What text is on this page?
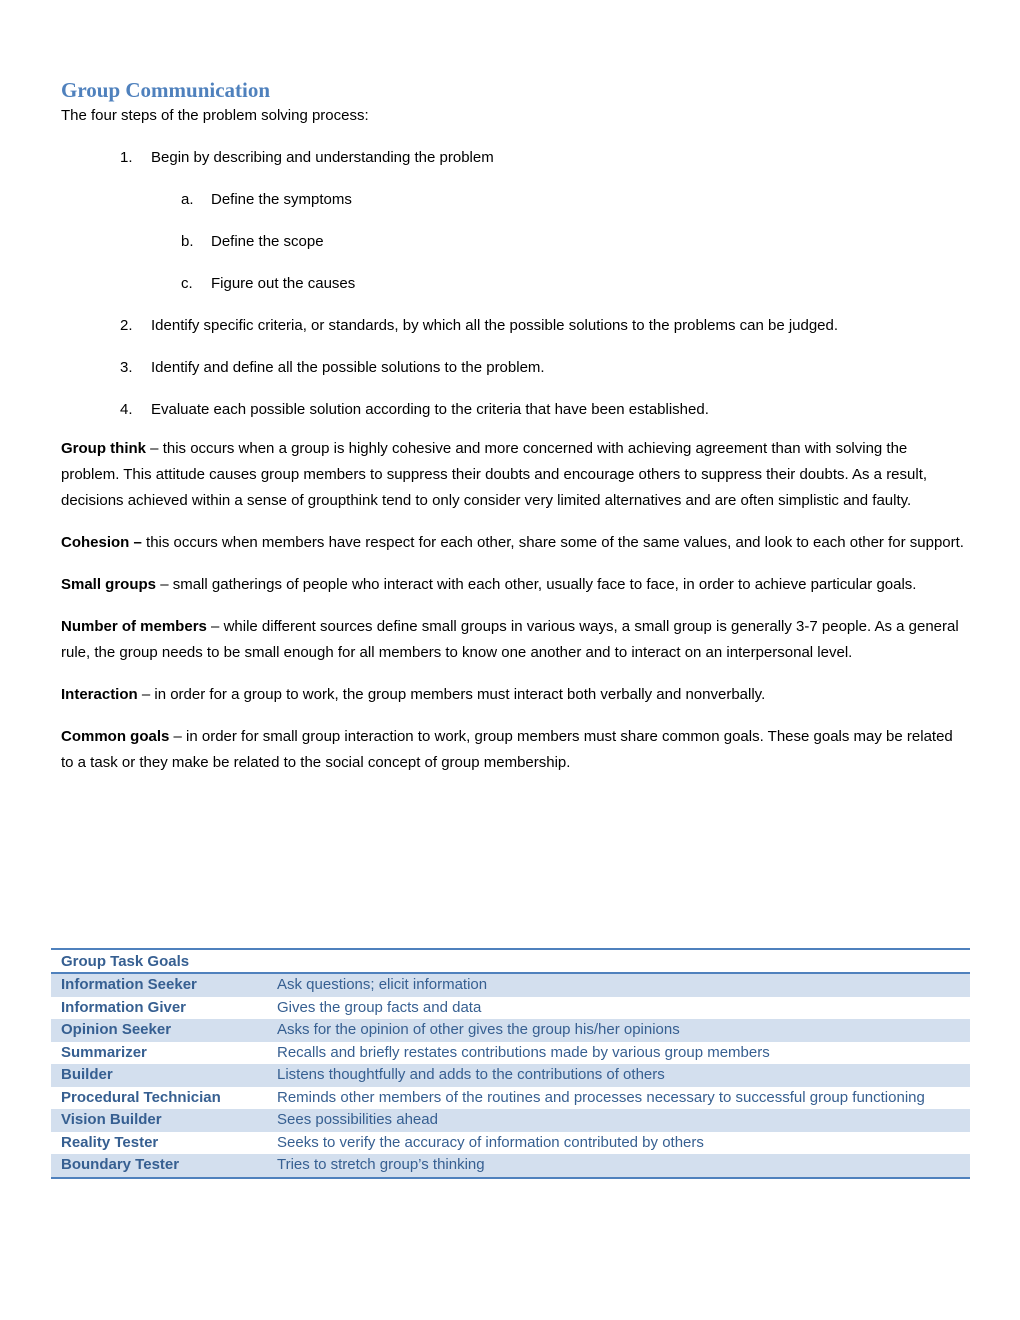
Group Communication

The four steps of the problem solving process:

1. Begin by describing and understanding the problem
a. Define the symptoms
b. Define the scope
c. Figure out the causes
2. Identify specific criteria, or standards, by which all the possible solutions to the problems can be judged.
3. Identify and define all the possible solutions to the problem.
4. Evaluate each possible solution according to the criteria that have been established.

Group think – this occurs when a group is highly cohesive and more concerned with achieving agreement than with solving the problem. This attitude causes group members to suppress their doubts and encourage others to suppress their doubts. As a result, decisions achieved within a sense of groupthink tend to only consider very limited alternatives and are often simplistic and faulty.

Cohesion – this occurs when members have respect for each other, share some of the same values, and look to each other for support.

Small groups – small gatherings of people who interact with each other, usually face to face, in order to achieve particular goals.

Number of members – while different sources define small groups in various ways, a small group is generally 3-7 people. As a general rule, the group needs to be small enough for all members to know one another and to interact on an interpersonal level.

Interaction – in order for a group to work, the group members must interact both verbally and nonverbally.

Common goals – in order for small group interaction to work, group members must share common goals. These goals may be related to a task or they make be related to the social concept of group membership.

Group Task Goals	
Information Seeker	Ask questions; elicit information
Information Giver	Gives the group facts and data
Opinion Seeker	Asks for the opinion of other gives the group his/her opinions
Summarizer	Recalls and briefly restates contributions made by various group members
Builder	Listens thoughtfully and adds to the contributions of others
Procedural Technician	Reminds other members of the routines and processes necessary to successful group functioning
Vision Builder	Sees possibilities ahead
Reality Tester	Seeks to verify the accuracy of information contributed by others
Boundary Tester	Tries to stretch group’s thinking
